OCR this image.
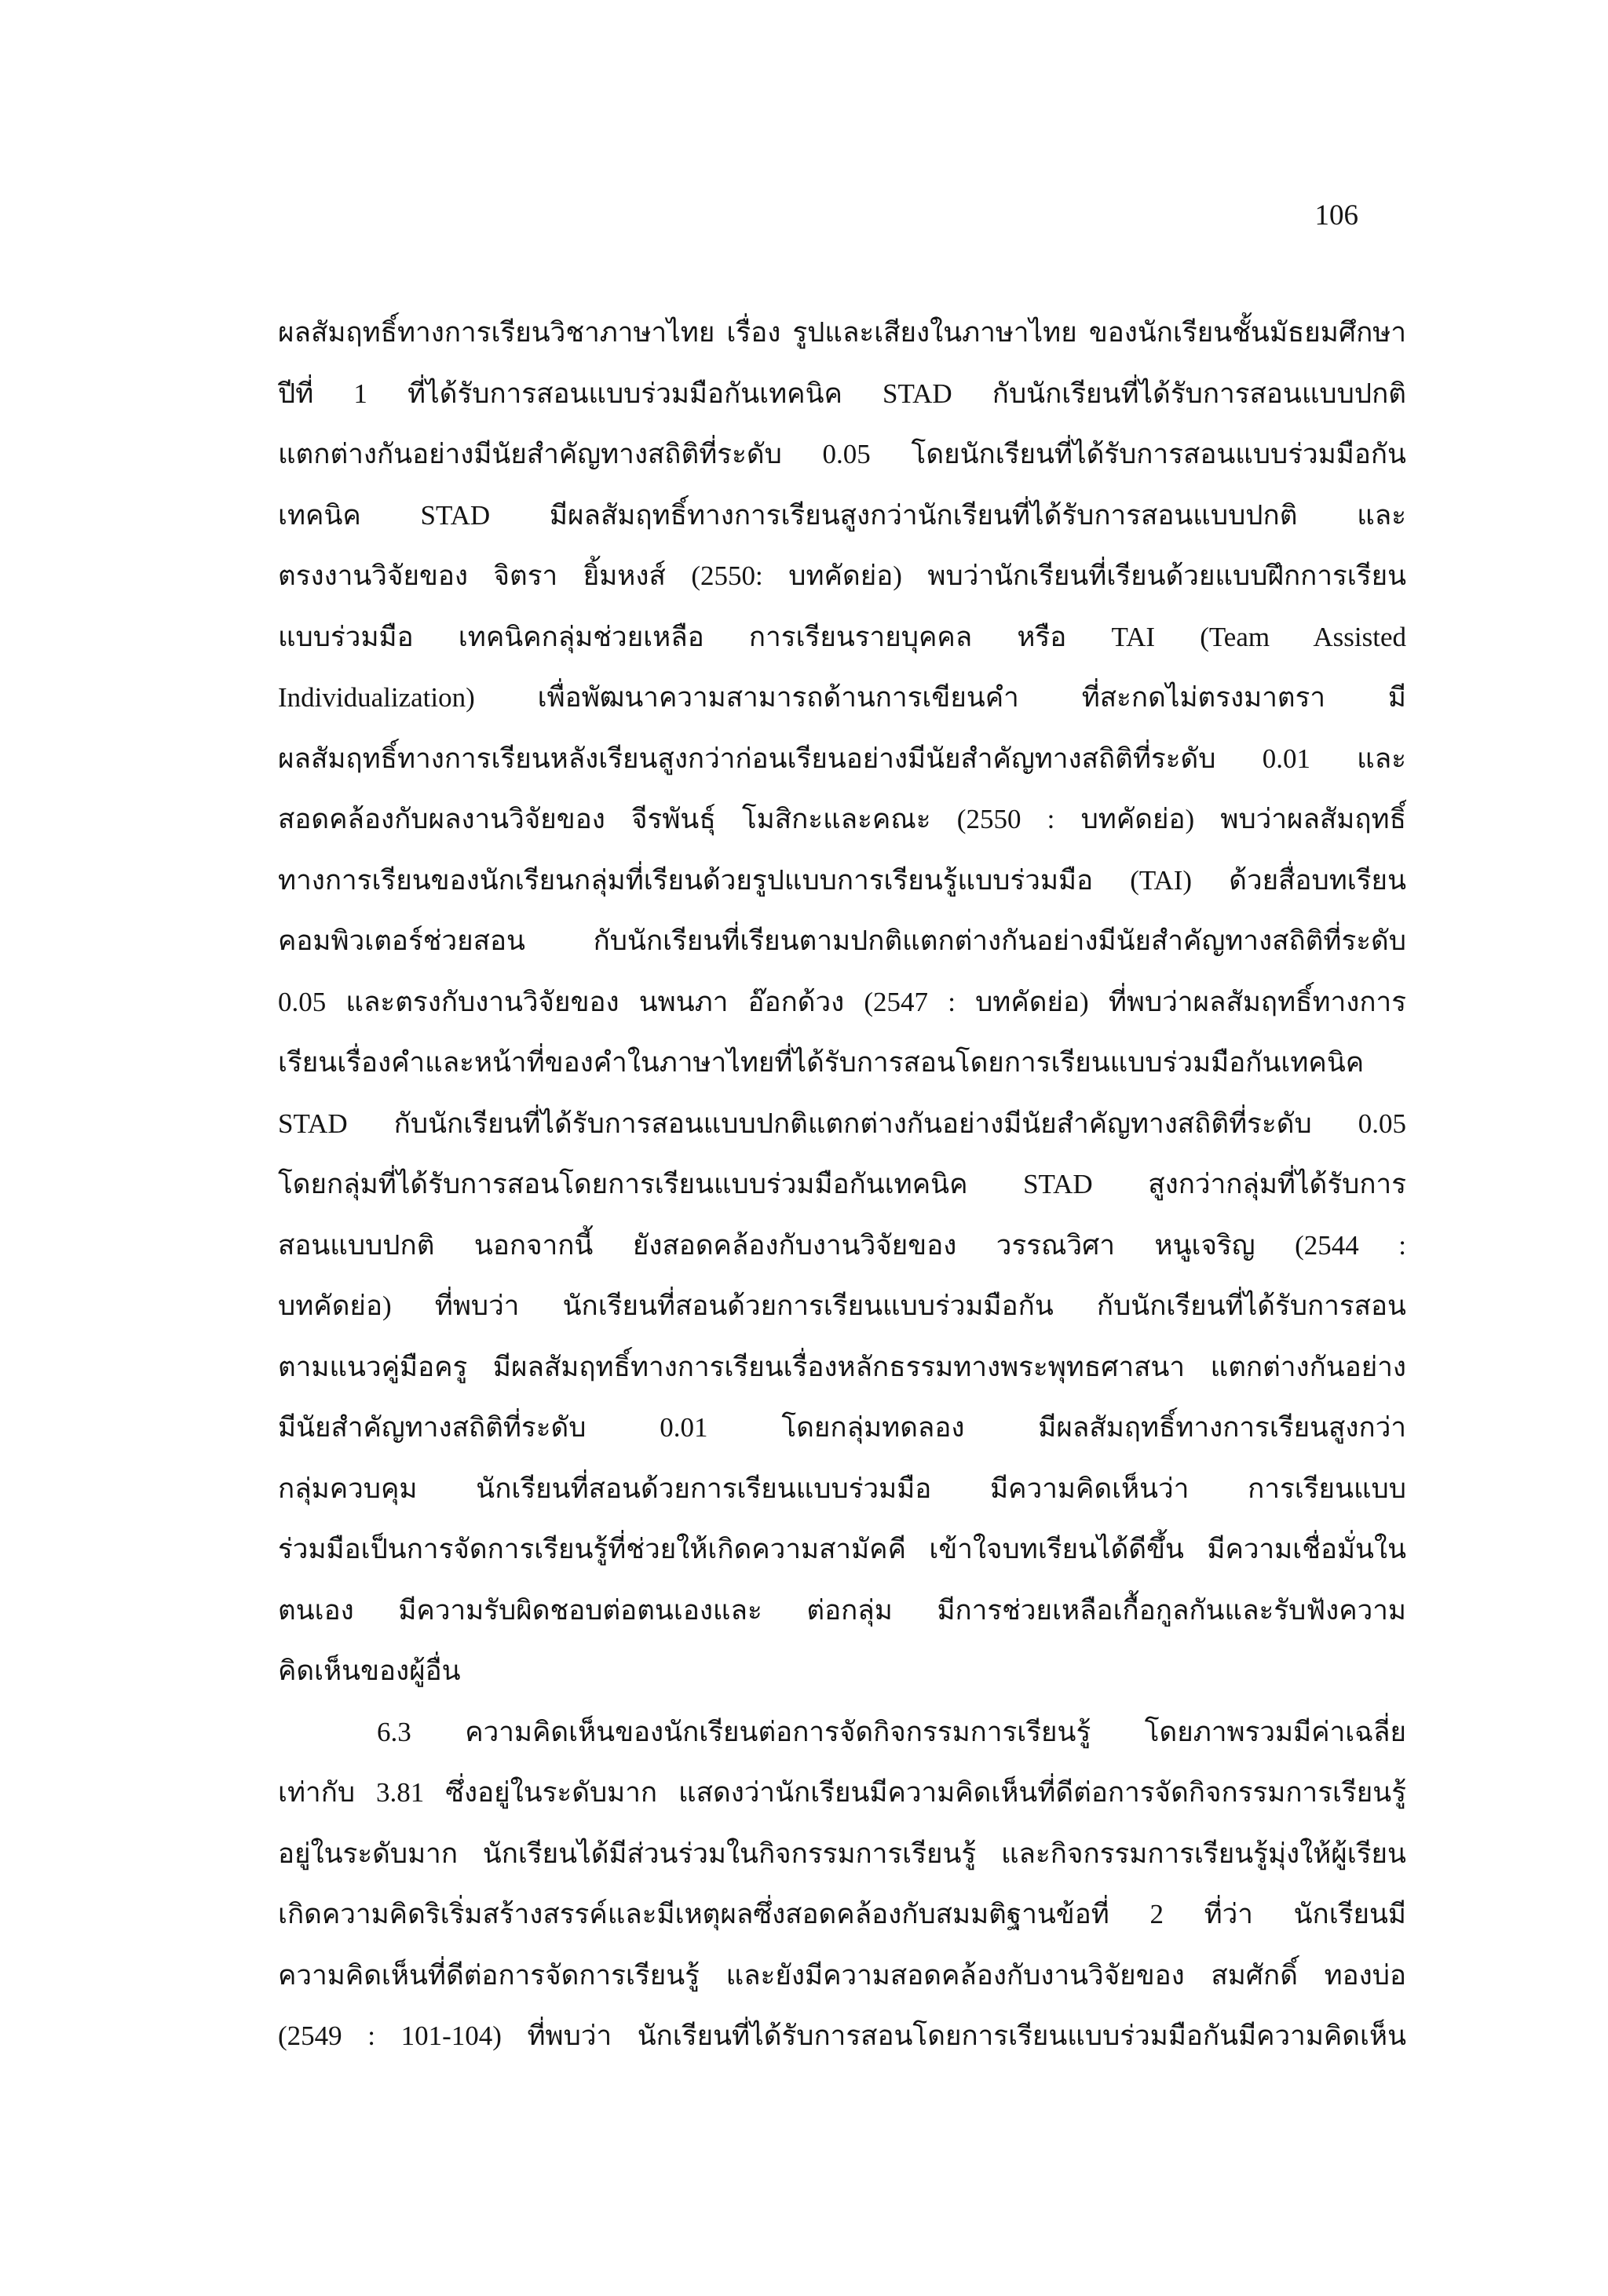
106
ผลสัมฤทธิ์ทางการเรียนวิชาภาษาไทย เรื่อง รูปและเสียงในภาษาไทย ของนักเรียนชั้นมัธยมศึกษา
ปีที่ 1 ที่ได้รับการสอนแบบร่วมมือกันเทคนิค STAD กับนักเรียนที่ได้รับการสอนแบบปกติ
แตกต่างกันอย่างมีนัยสำคัญทางสถิติที่ระดับ 0.05 โดยนักเรียนที่ได้รับการสอนแบบร่วมมือกัน
เทคนิค STAD มีผลสัมฤทธิ์ทางการเรียนสูงกว่านักเรียนที่ได้รับการสอนแบบปกติ และ
ตรงงานวิจัยของ จิตรา ยิ้มหงส์ (2550: บทคัดย่อ) พบว่านักเรียนที่เรียนด้วยแบบฝึกการเรียน
แบบร่วมมือ เทคนิคกลุ่มช่วยเหลือ การเรียนรายบุคคล หรือ TAI (Team Assisted
Individualization) เพื่อพัฒนาความสามารถด้านการเขียนคำ ที่สะกดไม่ตรงมาตรา มี
ผลสัมฤทธิ์ทางการเรียนหลังเรียนสูงกว่าก่อนเรียนอย่างมีนัยสำคัญทางสถิติที่ระดับ 0.01 และ
สอดคล้องกับผลงานวิจัยของ จีรพันธุ์ โมสิกะและคณะ (2550 : บทคัดย่อ) พบว่าผลสัมฤทธิ์
ทางการเรียนของนักเรียนกลุ่มที่เรียนด้วยรูปแบบการเรียนรู้แบบร่วมมือ (TAI) ด้วยสื่อบทเรียน
คอมพิวเตอร์ช่วยสอน กับนักเรียนที่เรียนตามปกติแตกต่างกันอย่างมีนัยสำคัญทางสถิติที่ระดับ
0.05 และตรงกับงานวิจัยของ นพนภา อ๊อกด้วง (2547 : บทคัดย่อ) ที่พบว่าผลสัมฤทธิ์ทางการ
เรียนเรื่องคำและหน้าที่ของคำในภาษาไทยที่ได้รับการสอนโดยการเรียนแบบร่วมมือกันเทคนิค
STAD กับนักเรียนที่ได้รับการสอนแบบปกติแตกต่างกันอย่างมีนัยสำคัญทางสถิติที่ระดับ 0.05
โดยกลุ่มที่ได้รับการสอนโดยการเรียนแบบร่วมมือกันเทคนิค STAD สูงกว่ากลุ่มที่ได้รับการ
สอนแบบปกติ นอกจากนี้ ยังสอดคล้องกับงานวิจัยของ วรรณวิศา หนูเจริญ (2544 :
บทคัดย่อ) ที่พบว่า นักเรียนที่สอนด้วยการเรียนแบบร่วมมือกัน กับนักเรียนที่ได้รับการสอน
ตามแนวคู่มือครู มีผลสัมฤทธิ์ทางการเรียนเรื่องหลักธรรมทางพระพุทธศาสนา แตกต่างกันอย่าง
มีนัยสำคัญทางสถิติที่ระดับ 0.01 โดยกลุ่มทดลอง มีผลสัมฤทธิ์ทางการเรียนสูงกว่า
กลุ่มควบคุม นักเรียนที่สอนด้วยการเรียนแบบร่วมมือ มีความคิดเห็นว่า การเรียนแบบ
ร่วมมือเป็นการจัดการเรียนรู้ที่ช่วยให้เกิดความสามัคคี เข้าใจบทเรียนได้ดีขึ้น มีความเชื่อมั่นใน
ตนเอง มีความรับผิดชอบต่อตนเองและ ต่อกลุ่ม มีการช่วยเหลือเกื้อกูลกันและรับฟังความ
คิดเห็นของผู้อื่น
6.3 ความคิดเห็นของนักเรียนต่อการจัดกิจกรรมการเรียนรู้ โดยภาพรวมมีค่าเฉลี่ย
เท่ากับ 3.81 ซึ่งอยู่ในระดับมาก แสดงว่านักเรียนมีความคิดเห็นที่ดีต่อการจัดกิจกรรมการเรียนรู้
อยู่ในระดับมาก นักเรียนได้มีส่วนร่วมในกิจกรรมการเรียนรู้ และกิจกรรมการเรียนรู้มุ่งให้ผู้เรียน
เกิดความคิดริเริ่มสร้างสรรค์และมีเหตุผลซึ่งสอดคล้องกับสมมติฐานข้อที่ 2 ที่ว่า นักเรียนมี
ความคิดเห็นที่ดีต่อการจัดการเรียนรู้ และยังมีความสอดคล้องกับงานวิจัยของ สมศักดิ์ ทองบ่อ
(2549 : 101-104) ที่พบว่า นักเรียนที่ได้รับการสอนโดยการเรียนแบบร่วมมือกันมีความคิดเห็น
